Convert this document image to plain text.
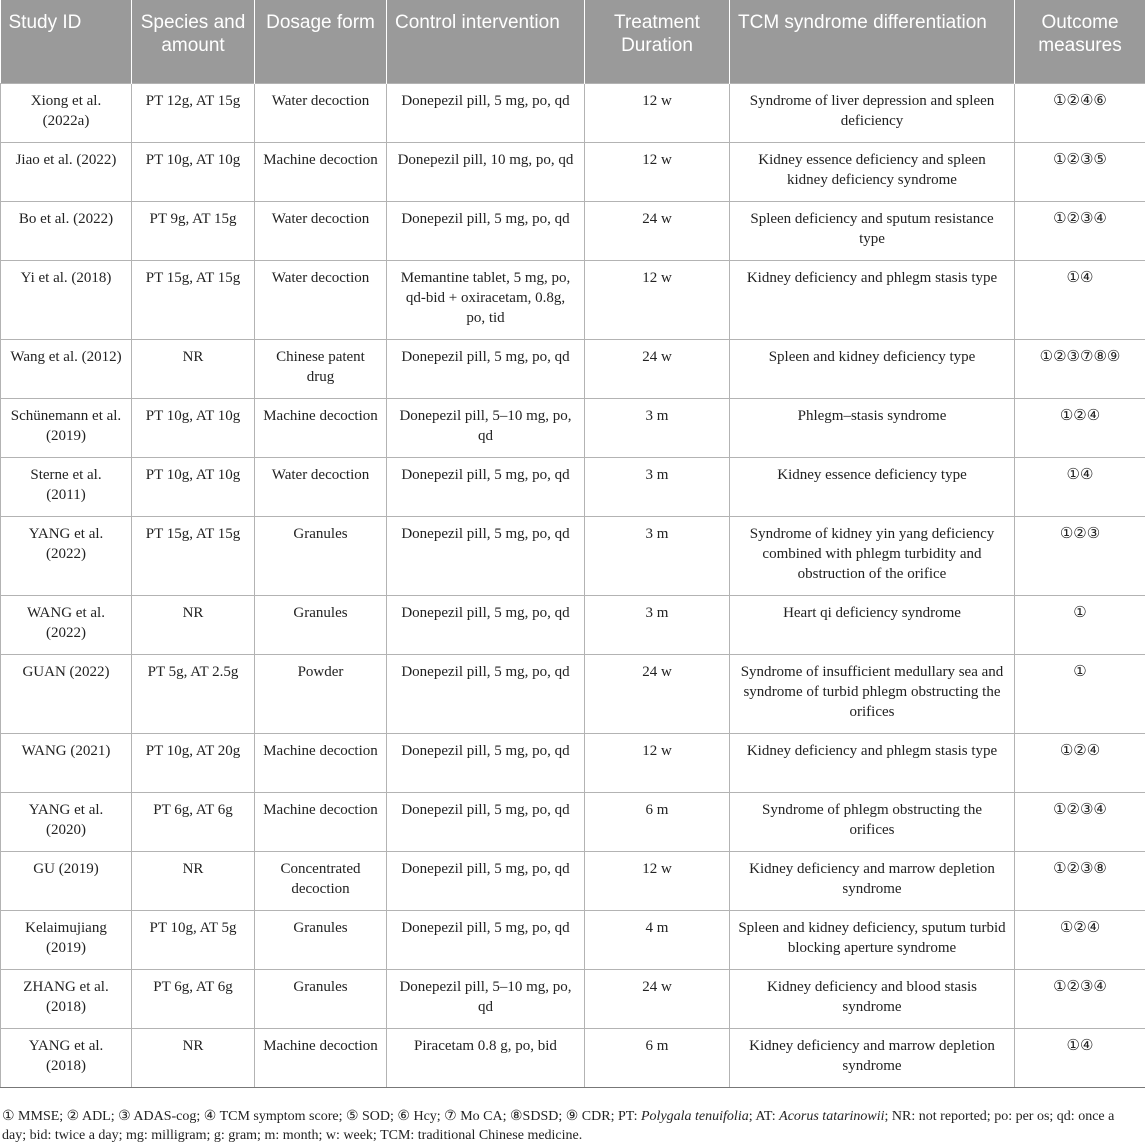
Study ID	Species and amount	Dosage form	Control intervention	Treatment Duration	TCM syndrome differentiation	Outcome measures
Xiong et al. (2022a)	PT 12g, AT 15g	Water decoction	Donepezil pill, 5 mg, po, qd	12 w	Syndrome of liver depression and spleen deficiency	①②④⑥
Jiao et al. (2022)	PT 10g, AT 10g	Machine decoction	Donepezil pill, 10 mg, po, qd	12 w	Kidney essence deficiency and spleen kidney deficiency syndrome	①②③⑤
Bo et al. (2022)	PT 9g, AT 15g	Water decoction	Donepezil pill, 5 mg, po, qd	24 w	Spleen deficiency and sputum resistance type	①②③④
Yi et al. (2018)	PT 15g, AT 15g	Water decoction	Memantine tablet, 5 mg, po, qd-bid + oxiracetam, 0.8g, po, tid	12 w	Kidney deficiency and phlegm stasis type	①④
Wang et al. (2012)	NR	Chinese patent drug	Donepezil pill, 5 mg, po, qd	24 w	Spleen and kidney deficiency type	①②③⑦⑧⑨
Schünemann et al. (2019)	PT 10g, AT 10g	Machine decoction	Donepezil pill, 5–10 mg, po, qd	3 m	Phlegm–stasis syndrome	①②④
Sterne et al. (2011)	PT 10g, AT 10g	Water decoction	Donepezil pill, 5 mg, po, qd	3 m	Kidney essence deficiency type	①④
YANG et al. (2022)	PT 15g, AT 15g	Granules	Donepezil pill, 5 mg, po, qd	3 m	Syndrome of kidney yin yang deficiency combined with phlegm turbidity and obstruction of the orifice	①②③
WANG et al. (2022)	NR	Granules	Donepezil pill, 5 mg, po, qd	3 m	Heart qi deficiency syndrome	①
GUAN (2022)	PT 5g, AT 2.5g	Powder	Donepezil pill, 5 mg, po, qd	24 w	Syndrome of insufficient medullary sea and syndrome of turbid phlegm obstructing the orifices	①
WANG (2021)	PT 10g, AT 20g	Machine decoction	Donepezil pill, 5 mg, po, qd	12 w	Kidney deficiency and phlegm stasis type	①②④
YANG et al. (2020)	PT 6g, AT 6g	Machine decoction	Donepezil pill, 5 mg, po, qd	6 m	Syndrome of phlegm obstructing the orifices	①②③④
GU (2019)	NR	Concentrated decoction	Donepezil pill, 5 mg, po, qd	12 w	Kidney deficiency and marrow depletion syndrome	①②③⑧
Kelaimujiang (2019)	PT 10g, AT 5g	Granules	Donepezil pill, 5 mg, po, qd	4 m	Spleen and kidney deficiency, sputum turbid blocking aperture syndrome	①②④
ZHANG et al. (2018)	PT 6g, AT 6g	Granules	Donepezil pill, 5–10 mg, po, qd	24 w	Kidney deficiency and blood stasis syndrome	①②③④
YANG et al. (2018)	NR	Machine decoction	Piracetam 0.8 g, po, bid	6 m	Kidney deficiency and marrow depletion syndrome	①④
① MMSE; ② ADL; ③ ADAS-cog; ④ TCM symptom score; ⑤ SOD; ⑥ Hcy; ⑦ Mo CA; ⑧SDSD; ⑨ CDR; PT: Polygala tenuifolia; AT: Acorus tatarinowii; NR: not reported; po: per os; qd: once a day; bid: twice a day; mg: milligram; g: gram; m: month; w: week; TCM: traditional Chinese medicine.
